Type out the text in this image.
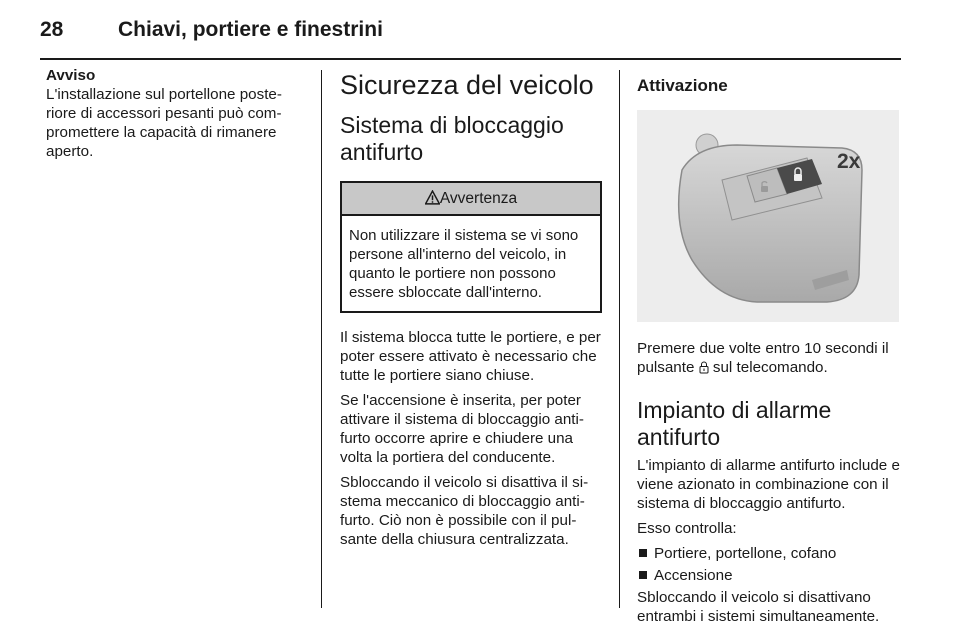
28	Chiavi, portiere e finestrini
Avviso

L'installazione sul portellone poste-riore di accessori pesanti può com-promettere la capacità di rimanere aperto.

Sicurezza del veicolo
Sistema di bloccaggio antifurto
Avvertenza
Non utilizzare il sistema se vi sono persone all'interno del veicolo, in quanto le portiere non possono essere sbloccate dall'interno.

Il sistema blocca tutte le portiere, e per poter essere attivato è necessario che tutte le portiere siano chiuse.

Se l'accensione è inserita, per poter attivare il sistema di bloccaggio anti-furto occorre aprire e chiudere una volta la portiera del conducente.

Sbloccando il veicolo si disattiva il si-stema meccanico di bloccaggio anti-furto. Ciò non è possibile con il pul-sante della chiusura centralizzata.

Attivazione
2x

Premere due volte entro 10 secondi il pulsante sul telecomando.

Impianto di allarme antifurto

L'impianto di allarme antifurto include e viene azionato in combinazione con il sistema di bloccaggio antifurto.

Esso controlla:

Portiere, portellone, cofano
Accensione

Sbloccando il veicolo si disattivano entrambi i sistemi simultaneamente.
